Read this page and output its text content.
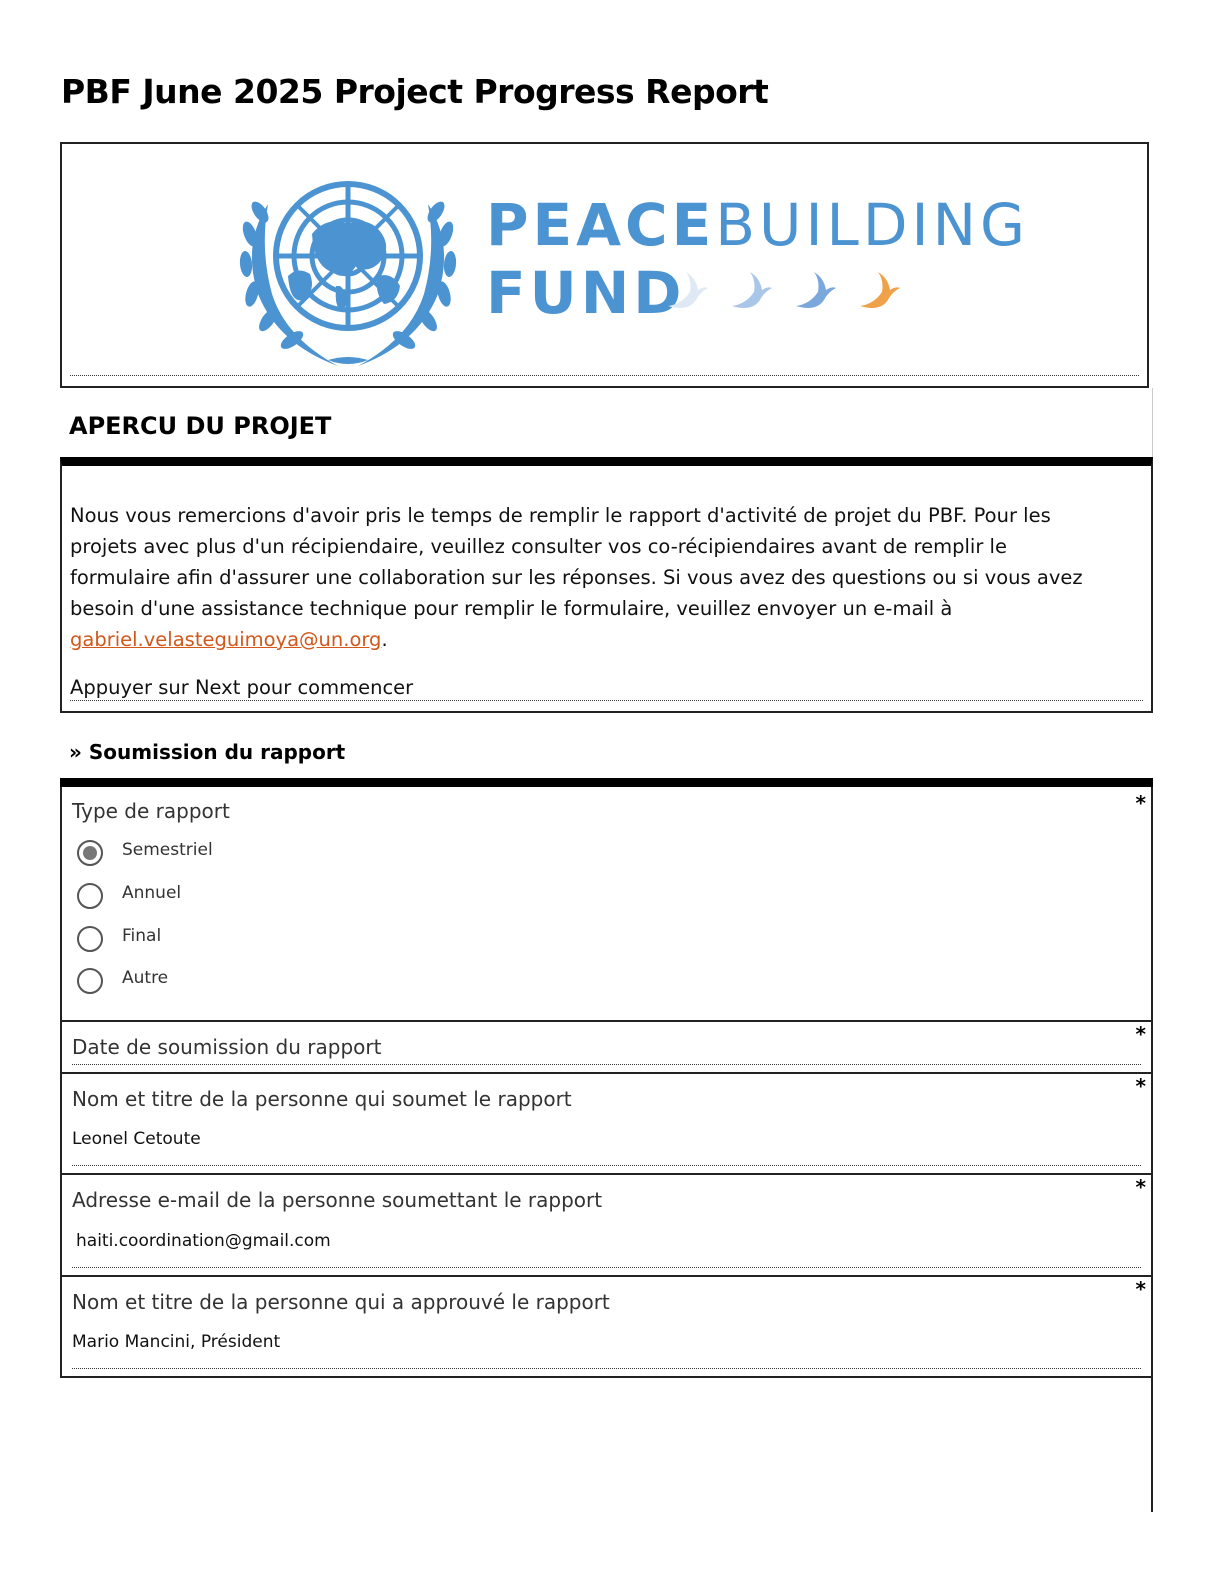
PBF June 2025 Project Progress Report
PEACEBUILDING
FUND
APERCU DU PROJET
Nous vous remercions d'avoir pris le temps de remplir le rapport d'activité de projet du PBF. Pour les projets avec plus d'un récipiendaire, veuillez consulter vos co-récipiendaires avant de remplir le formulaire afin d'assurer une collaboration sur les réponses. Si vous avez des questions ou si vous avez besoin d'une assistance technique pour remplir le formulaire, veuillez envoyer un e-mail à
gabriel.velasteguimoya@un.org.
Appuyer sur Next pour commencer
» Soumission du rapport
Type de rapport	*
Semestriel
Annuel
Final
Autre
Date de soumission du rapport
*
Nom et titre de la personne qui soumet le rapport
*
Leonel Cetoute
Adresse e-mail de la personne soumettant le rapport
*
haiti.coordination@gmail.com
Nom et titre de la personne qui a approuvé le rapport
*
Mario Mancini, Président
